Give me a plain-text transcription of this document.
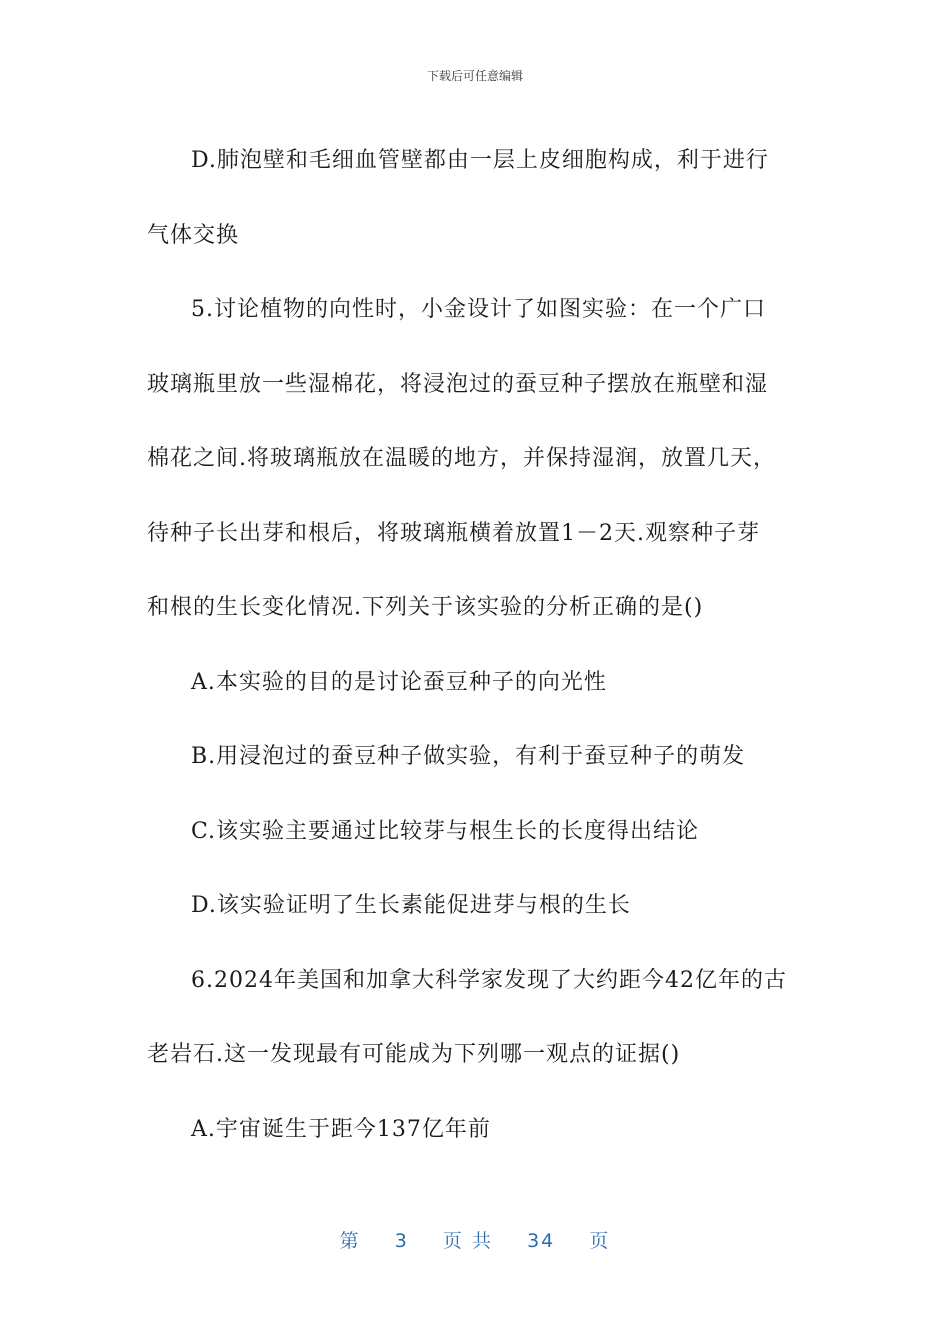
下载后可任意编辑

D.肺泡壁和毛细血管壁都由一层上皮细胞构成，利于进行

气体交换

5.讨论植物的向性时，小金设计了如图实验：在一个广口

玻璃瓶里放一些湿棉花，将浸泡过的蚕豆种子摆放在瓶壁和湿

棉花之间.将玻璃瓶放在温暖的地方，并保持湿润，放置几天，

待种子长出芽和根后，将玻璃瓶横着放置1－2天.观察种子芽

和根的生长变化情况.下列关于该实验的分析正确的是()

A.本实验的目的是讨论蚕豆种子的向光性

B.用浸泡过的蚕豆种子做实验，有利于蚕豆种子的萌发

C.该实验主要通过比较芽与根生长的长度得出结论

D.该实验证明了生长素能促进芽与根的生长

6.2024年美国和加拿大科学家发现了大约距今42亿年的古

老岩石.这一发现最有可能成为下列哪一观点的证据()

A.宇宙诞生于距今137亿年前

第 3 页 共 34 页
